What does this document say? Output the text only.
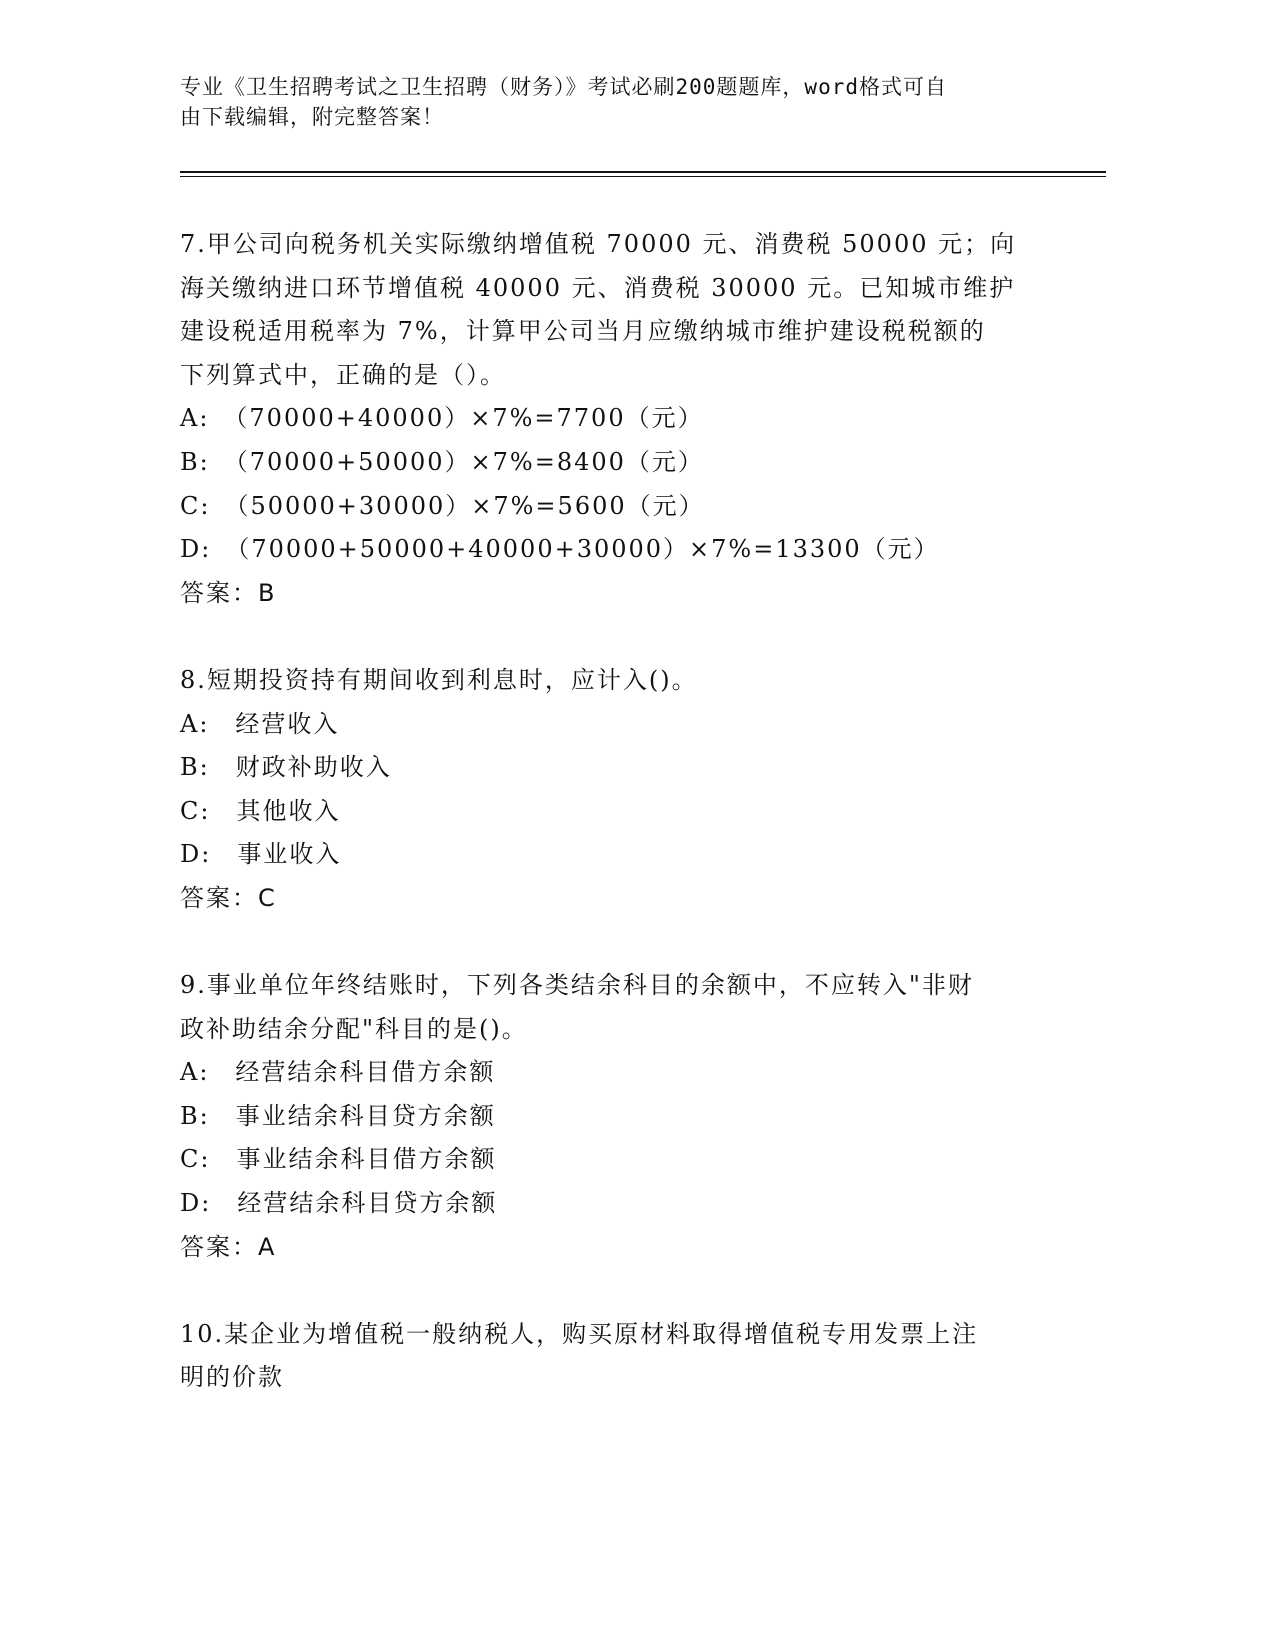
专业《卫生招聘考试之卫生招聘（财务）》考试必刷200题题库，word格式可自
由下载编辑，附完整答案！
7.甲公司向税务机关实际缴纳增值税 70000 元、消费税 50000 元；向
海关缴纳进口环节增值税 40000 元、消费税 30000 元。已知城市维护
建设税适用税率为 7%，计算甲公司当月应缴纳城市维护建设税税额的
下列算式中，正确的是（）。
A:　（70000+40000）×7%=7700（元）
B:　（70000+50000）×7%=8400（元）
C:　（50000+30000）×7%=5600（元）
D:　（70000+50000+40000+30000）×7%=13300（元）
答案：B
8.短期投资持有期间收到利息时，应计入()。
A:　经营收入
B:　财政补助收入
C:　其他收入
D:　事业收入
答案：C
9.事业单位年终结账时，下列各类结余科目的余额中，不应转入"非财
政补助结余分配"科目的是()。
A:　经营结余科目借方余额
B:　事业结余科目贷方余额
C:　事业结余科目借方余额
D:　经营结余科目贷方余额
答案：A
10.某企业为增值税一般纳税人，购买原材料取得增值税专用发票上注
明的价款
